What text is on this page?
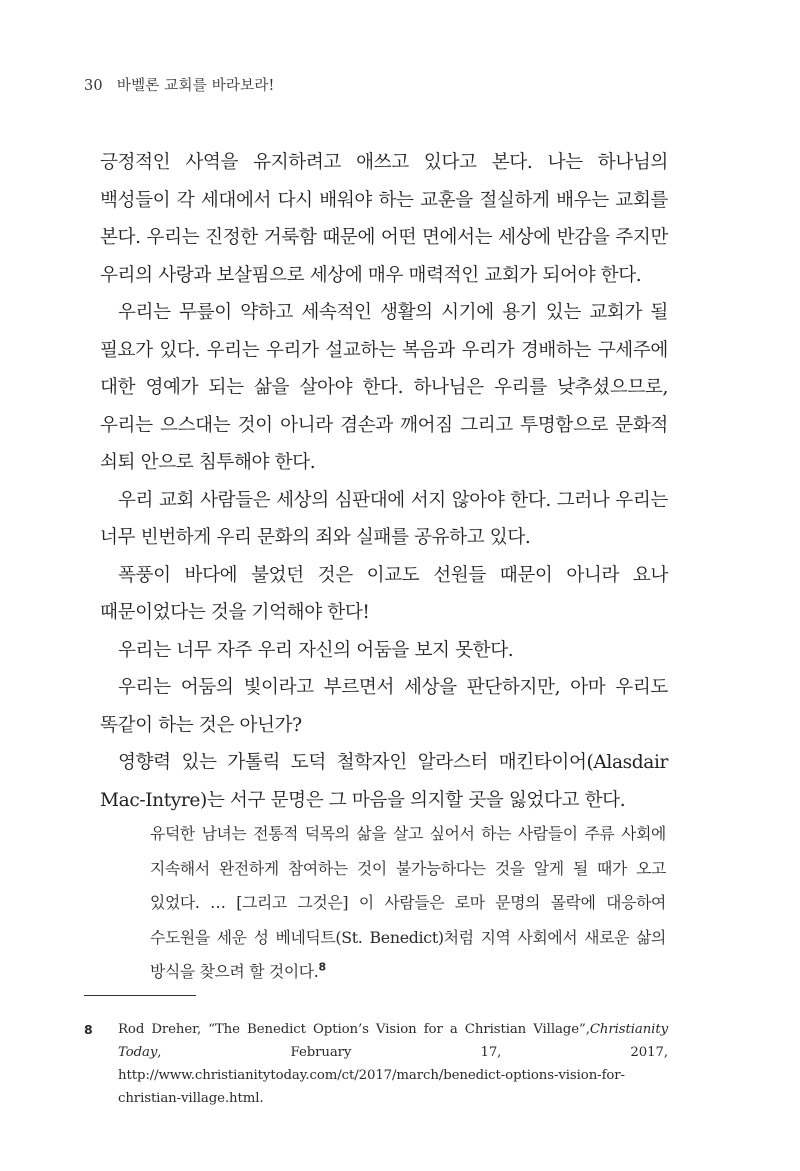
30 바벨론 교회를 바라보라!

긍정적인 사역을 유지하려고 애쓰고 있다고 본다. 나는 하나님의 백성들이 각 세대에서 다시 배워야 하는 교훈을 절실하게 배우는 교회를 본다. 우리는 진정한 거룩함 때문에 어떤 면에서는 세상에 반감을 주지만 우리의 사랑과 보살핌으로 세상에 매우 매력적인 교회가 되어야 한다.

우리는 무릎이 약하고 세속적인 생활의 시기에 용기 있는 교회가 될 필요가 있다. 우리는 우리가 설교하는 복음과 우리가 경배하는 구세주에 대한 영예가 되는 삶을 살아야 한다. 하나님은 우리를 낮추셨으므로, 우리는 으스대는 것이 아니라 겸손과 깨어짐 그리고 투명함으로 문화적 쇠퇴 안으로 침투해야 한다.

우리 교회 사람들은 세상의 심판대에 서지 않아야 한다. 그러나 우리는 너무 빈번하게 우리 문화의 죄와 실패를 공유하고 있다.

폭풍이 바다에 불었던 것은 이교도 선원들 때문이 아니라 요나 때문이었다는 것을 기억해야 한다!

우리는 너무 자주 우리 자신의 어둠을 보지 못한다.

우리는 어둠의 빛이라고 부르면서 세상을 판단하지만, 아마 우리도 똑같이 하는 것은 아닌가?

영향력 있는 가톨릭 도덕 철학자인 알라스터 매킨타이어(Alasdair Mac-Intyre)는 서구 문명은 그 마음을 의지할 곳을 잃었다고 한다.

유덕한 남녀는 전통적 덕목의 삶을 살고 싶어서 하는 사람들이 주류 사회에 지속해서 완전하게 참여하는 것이 불가능하다는 것을 알게 될 때가 오고 있었다. … [그리고 그것은] 이 사람들은 로마 문명의 몰락에 대응하여 수도원을 세운 성 베네딕트(St. Benedict)처럼 지역 사회에서 새로운 삶의 방식을 찾으려 할 것이다.$^8$

8 Rod Dreher, “The Benedict Option’s Vision for a Christian Village”,Christianity Today, February 17, 2017, http://www.christianitytoday.com/ct/2017/march/benedict-options-vision-for-christian-village.html.
